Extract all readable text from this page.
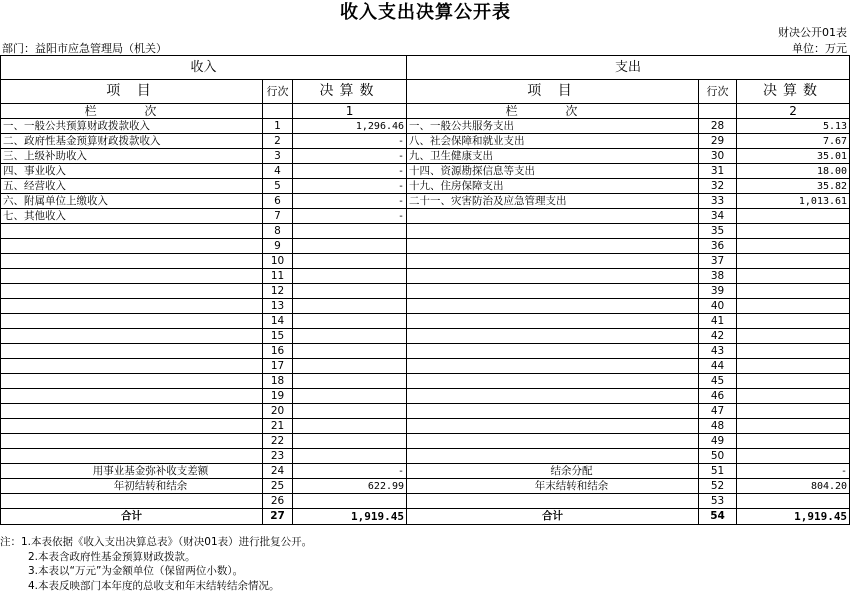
收入支出决算公开表
财决公开01表
部门：益阳市应急管理局（机关）	单位：万元
收入			支出		
项 目	行次	决算数	项 目	行次	决算数
栏 次		1	栏 次		2
一、一般公共预算财政拨款收入	1	1,296.46	一、一般公共服务支出	28	5.13
二、政府性基金预算财政拨款收入	2	-	八、社会保障和就业支出	29	7.67
三、上级补助收入	3	-	九、卫生健康支出	30	35.01
四、事业收入	4	-	十四、资源勘探信息等支出	31	18.00
五、经营收入	5	-	十九、住房保障支出	32	35.82
六、附属单位上缴收入	6	-	二十一、灾害防治及应急管理支出	33	1,013.61
七、其他收入	7	-		34	
	8			35	
	9			36	
	10			37	
	11			38	
	12			39	
	13			40	
	14			41	
	15			42	
	16			43	
	17			44	
	18			45	
	19			46	
	20			47	
	21			48	
	22			49	
	23			50	
用事业基金弥补收支差额	24	-	结余分配	51	-
年初结转和结余	25	622.99	年末结转和结余	52	804.20
	26			53	
合计	27	1,919.45	合计	54	1,919.45
注：1.本表依据《收入支出决算总表》（财决01表）进行批复公开。
2.本表含政府性基金预算财政拨款。
3.本表以“万元”为金额单位（保留两位小数）。
4.本表反映部门本年度的总收支和年末结转结余情况。
